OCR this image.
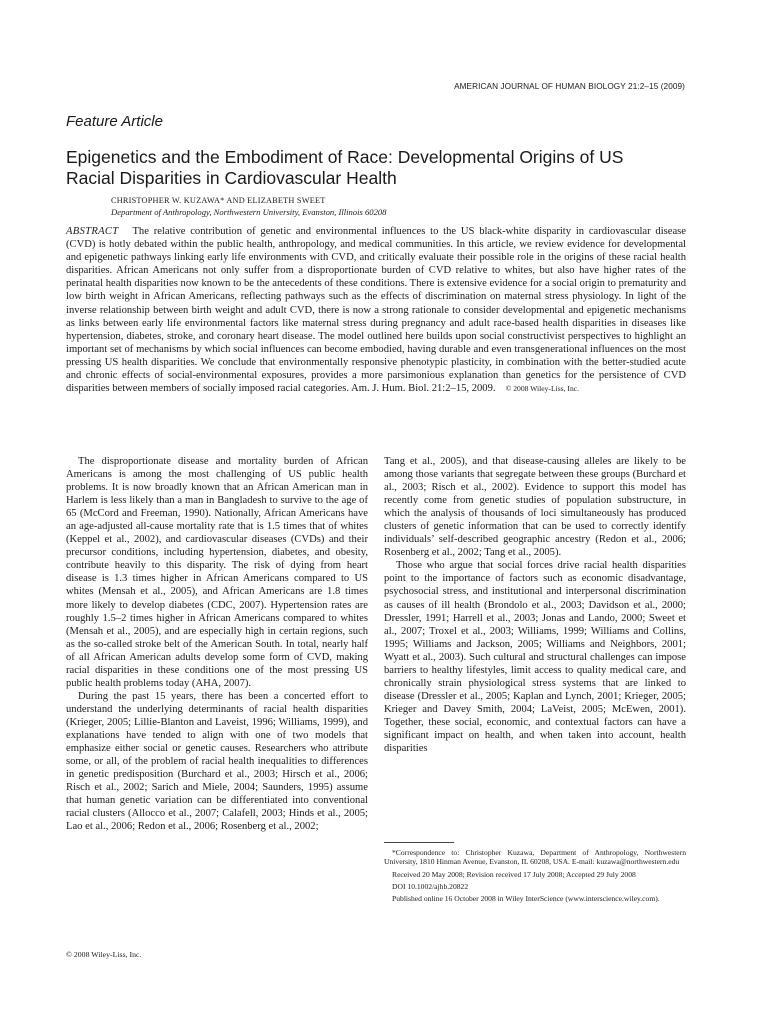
AMERICAN JOURNAL OF HUMAN BIOLOGY 21:2–15 (2009)
Feature Article
Epigenetics and the Embodiment of Race: Developmental Origins of US Racial Disparities in Cardiovascular Health
CHRISTOPHER W. KUZAWA* AND ELIZABETH SWEET
Department of Anthropology, Northwestern University, Evanston, Illinois 60208

ABSTRACT The relative contribution of genetic and environmental influences to the US black-white disparity in cardiovascular disease (CVD) is hotly debated within the public health, anthropology, and medical communities. In this article, we review evidence for developmental and epigenetic pathways linking early life environments with CVD, and critically evaluate their possible role in the origins of these racial health disparities. African Americans not only suffer from a disproportionate burden of CVD relative to whites, but also have higher rates of the perinatal health disparities now known to be the antecedents of these conditions. There is extensive evidence for a social origin to prematurity and low birth weight in African Americans, reflecting pathways such as the effects of discrimination on maternal stress physiology. In light of the inverse relationship between birth weight and adult CVD, there is now a strong rationale to consider developmental and epigenetic mechanisms as links between early life environmental factors like maternal stress during pregnancy and adult race-based health disparities in diseases like hypertension, diabetes, stroke, and coronary heart disease. The model outlined here builds upon social constructivist perspectives to highlight an important set of mechanisms by which social influences can become embodied, having durable and even transgenerational influences on the most pressing US health disparities. We conclude that environmentally responsive phenotypic plasticity, in combination with the better-studied acute and chronic effects of social-environmental exposures, provides a more parsimonious explanation than genetics for the persistence of CVD disparities between members of socially imposed racial categories. Am. J. Hum. Biol. 21:2–15, 2009. © 2008 Wiley-Liss, Inc.

The disproportionate disease and mortality burden of African Americans is among the most challenging of US public health problems. It is now broadly known that an African American man in Harlem is less likely than a man in Bangladesh to survive to the age of 65 (McCord and Freeman, 1990). Nationally, African Americans have an age-adjusted all-cause mortality rate that is 1.5 times that of whites (Keppel et al., 2002), and cardiovascular diseases (CVDs) and their precursor conditions, including hypertension, diabetes, and obesity, contribute heavily to this disparity. The risk of dying from heart disease is 1.3 times higher in African Americans compared to US whites (Mensah et al., 2005), and African Americans are 1.8 times more likely to develop diabetes (CDC, 2007). Hypertension rates are roughly 1.5–2 times higher in African Americans compared to whites (Mensah et al., 2005), and are especially high in certain regions, such as the so-called stroke belt of the American South. In total, nearly half of all African American adults develop some form of CVD, making racial disparities in these conditions one of the most pressing US public health problems today (AHA, 2007).

During the past 15 years, there has been a concerted effort to understand the underlying determinants of racial health disparities (Krieger, 2005; Lillie-Blanton and Laveist, 1996; Williams, 1999), and explanations have tended to align with one of two models that emphasize either social or genetic causes. Researchers who attribute some, or all, of the problem of racial health inequalities to differences in genetic predisposition (Burchard et al., 2003; Hirsch et al., 2006; Risch et al., 2002; Sarich and Miele, 2004; Saunders, 1995) assume that human genetic variation can be differentiated into conventional racial clusters (Allocco et al., 2007; Calafell, 2003; Hinds et al., 2005; Lao et al., 2006; Redon et al., 2006; Rosenberg et al., 2002;

Tang et al., 2005), and that disease-causing alleles are likely to be among those variants that segregate between these groups (Burchard et al., 2003; Risch et al., 2002). Evidence to support this model has recently come from genetic studies of population substructure, in which the analysis of thousands of loci simultaneously has produced clusters of genetic information that can be used to correctly identify individuals’ self-described geographic ancestry (Redon et al., 2006; Rosenberg et al., 2002; Tang et al., 2005).

Those who argue that social forces drive racial health disparities point to the importance of factors such as economic disadvantage, psychosocial stress, and institutional and interpersonal discrimination as causes of ill health (Brondolo et al., 2003; Davidson et al., 2000; Dressler, 1991; Harrell et al., 2003; Jonas and Lando, 2000; Sweet et al., 2007; Troxel et al., 2003; Williams, 1999; Williams and Collins, 1995; Williams and Jackson, 2005; Williams and Neighbors, 2001; Wyatt et al., 2003). Such cultural and structural challenges can impose barriers to healthy lifestyles, limit access to quality medical care, and chronically strain physiological stress systems that are linked to disease (Dressler et al., 2005; Kaplan and Lynch, 2001; Krieger, 2005; Krieger and Davey Smith, 2004; LaVeist, 2005; McEwen, 2001). Together, these social, economic, and contextual factors can have a significant impact on health, and when taken into account, health disparities

*Correspondence to: Christopher Kuzawa, Department of Anthropology, Northwestern University, 1810 Hinman Avenue, Evanston, IL 60208, USA. E-mail: kuzawa@northwestern.edu

Received 20 May 2008; Revision received 17 July 2008; Accepted 29 July 2008

DOI 10.1002/ajhb.20822

Published online 16 October 2008 in Wiley InterScience (www.interscience.wiley.com).

© 2008 Wiley-Liss, Inc.
